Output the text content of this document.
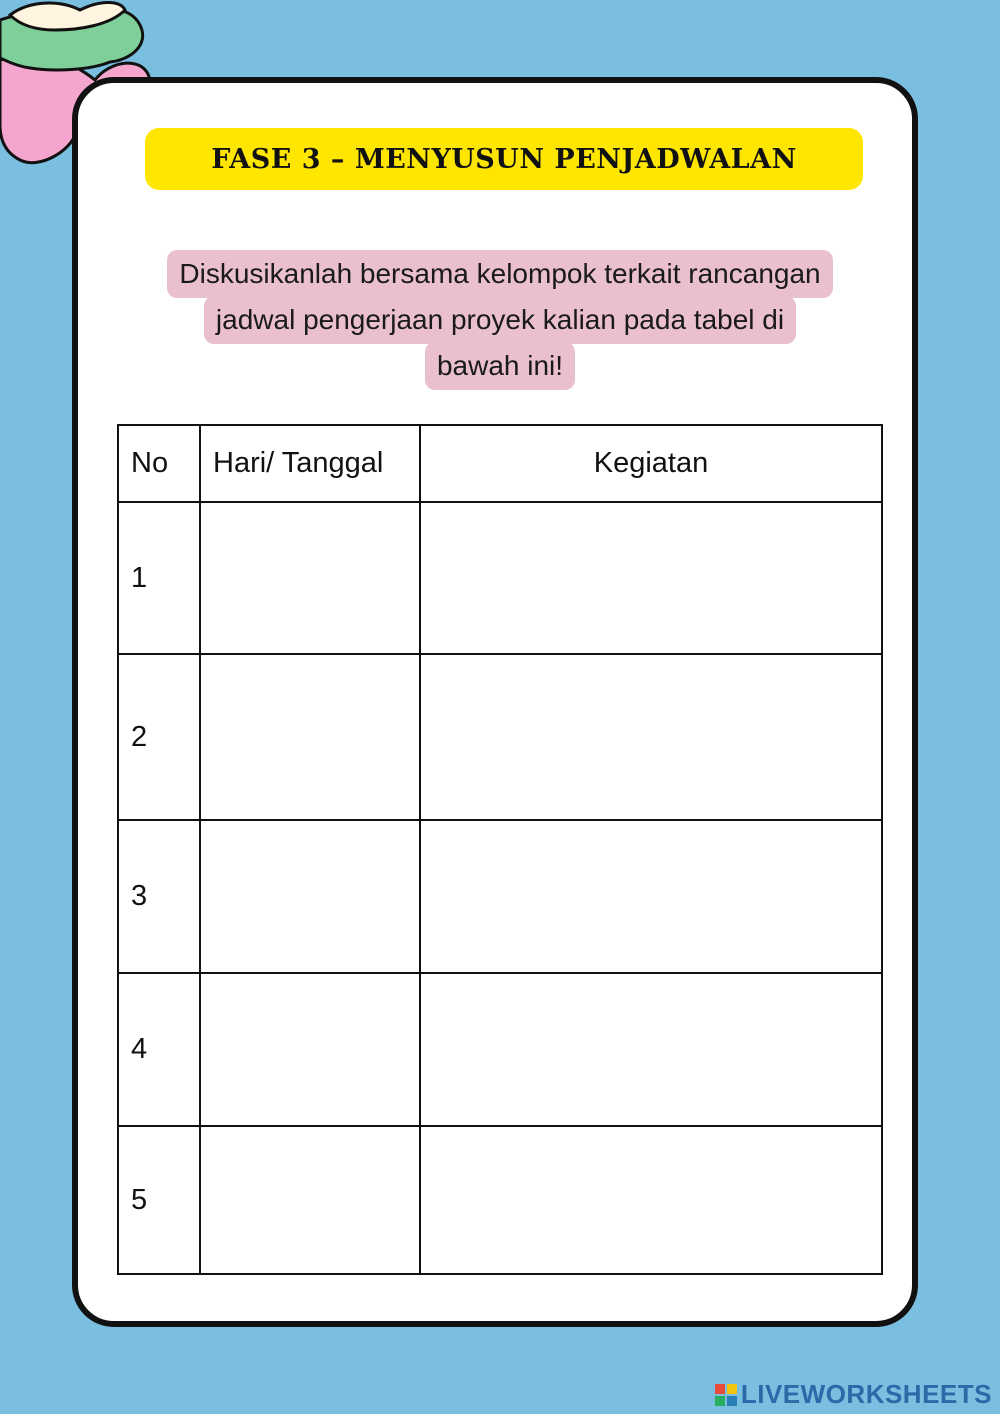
FASE 3 – MENYUSUN PENJADWALAN
Diskusikanlah bersama kelompok terkait rancangan
jadwal pengerjaan proyek kalian pada tabel di
bawah ini!
No	Hari/ Tanggal	Kegiatan
1		
2		
3		
4		
5		
LIVEWORKSHEETS
